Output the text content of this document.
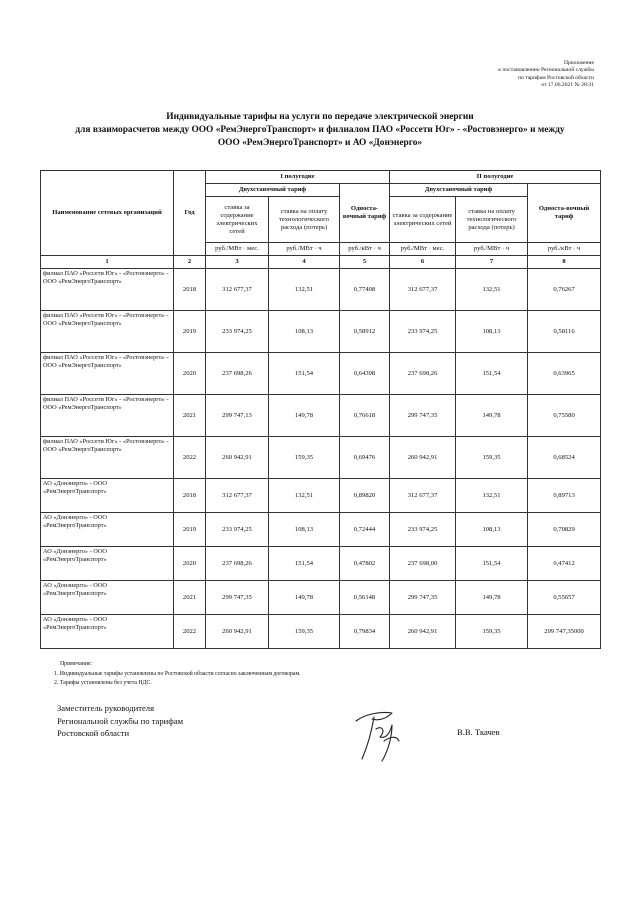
Приложение
к постановлению Региональной службы
по тарифам Ростовской области
от 17.06.2021 № 28/31
Индивидуальные тарифы на услуги по передаче электрической энергии
для взаиморасчетов между ООО «РемЭнергоТранспорт» и филиалом ПАО «Россети Юг» - «Ростовэнерго» и между
ООО «РемЭнергоТранспорт» и АО «Донэнерго»
Наименование сетевых организаций	Год	I полугодие			II полугодие		
		Двухставочный тариф		Односта-вочный тариф	Двухставочный тариф		Односта-вочный тариф
		ставка за содержание электрических сетей	ставка на оплату технологического расхода (потерь)		ставка за содержание электрических сетей	ставка на оплату технологического расхода (потерь)	
		руб./МВт · мес.	руб./МВт · ч	руб./кВт · ч	руб./МВт · мес.	руб./МВт · ч	руб./кВт · ч
1	2	3	4	5	6	7	8
филиал ПАО «Россети Юг» - «Ростовэнерго» - ООО «РемЭнергоТранспорт»	2018	312 677,37	132,51	0,77408	312 677,37	132,51	0,76267
филиал ПАО «Россети Юг» - «Ростовэнерго» - ООО «РемЭнергоТранспорт»	2019	233 974,25	108,13	0,58912	233 974,25	108,13	0,58116
филиал ПАО «Россети Юг» - «Ростовэнерго» - ООО «РемЭнергоТранспорт»	2020	237 698,26	151,54	0,64398	237 698,26	151,54	0,63965
филиал ПАО «Россети Юг» - «Ростовэнерго» - ООО «РемЭнергоТранспорт»	2021	299 747,13	149,78	0,76618	299 747,35	149,78	0,75580
филиал ПАО «Россети Юг» - «Ростовэнерго» - ООО «РемЭнергоТранспорт»	2022	260 942,91	159,35	0,69476	260 942,91	159,35	0,68524
АО «Донэнерго» - ООО «РемЭнергоТранспорт»	2018	312 677,37	132,51	0,89820	312 677,37	132,51	0,89713
АО «Донэнерго» - ООО «РемЭнергоТранспорт»	2019	233 974,25	108,13	0,72444	233 974,25	108,13	0,70829
АО «Донэнерго» - ООО «РемЭнергоТранспорт»	2020	237 698,26	151,54	0,47802	237 698,00	151,54	0,47412
АО «Донэнерго» - ООО «РемЭнергоТранспорт»	2021	299 747,35	149,78	0,56148	299 747,35	149,78	0,55657
АО «Донэнерго» - ООО «РемЭнергоТранспорт»	2022	260 942,91	159,35	0,79834	260 942,91	159,35	299 747,35000
Примечание:
1. Индивидуальные тарифы установлены по Ростовской области согласно заключенным договорам.
2. Тарифы установлены без учета НДС.
Заместитель руководителя
Региональной службы по тарифам
Ростовской области	В.В. Ткачев
